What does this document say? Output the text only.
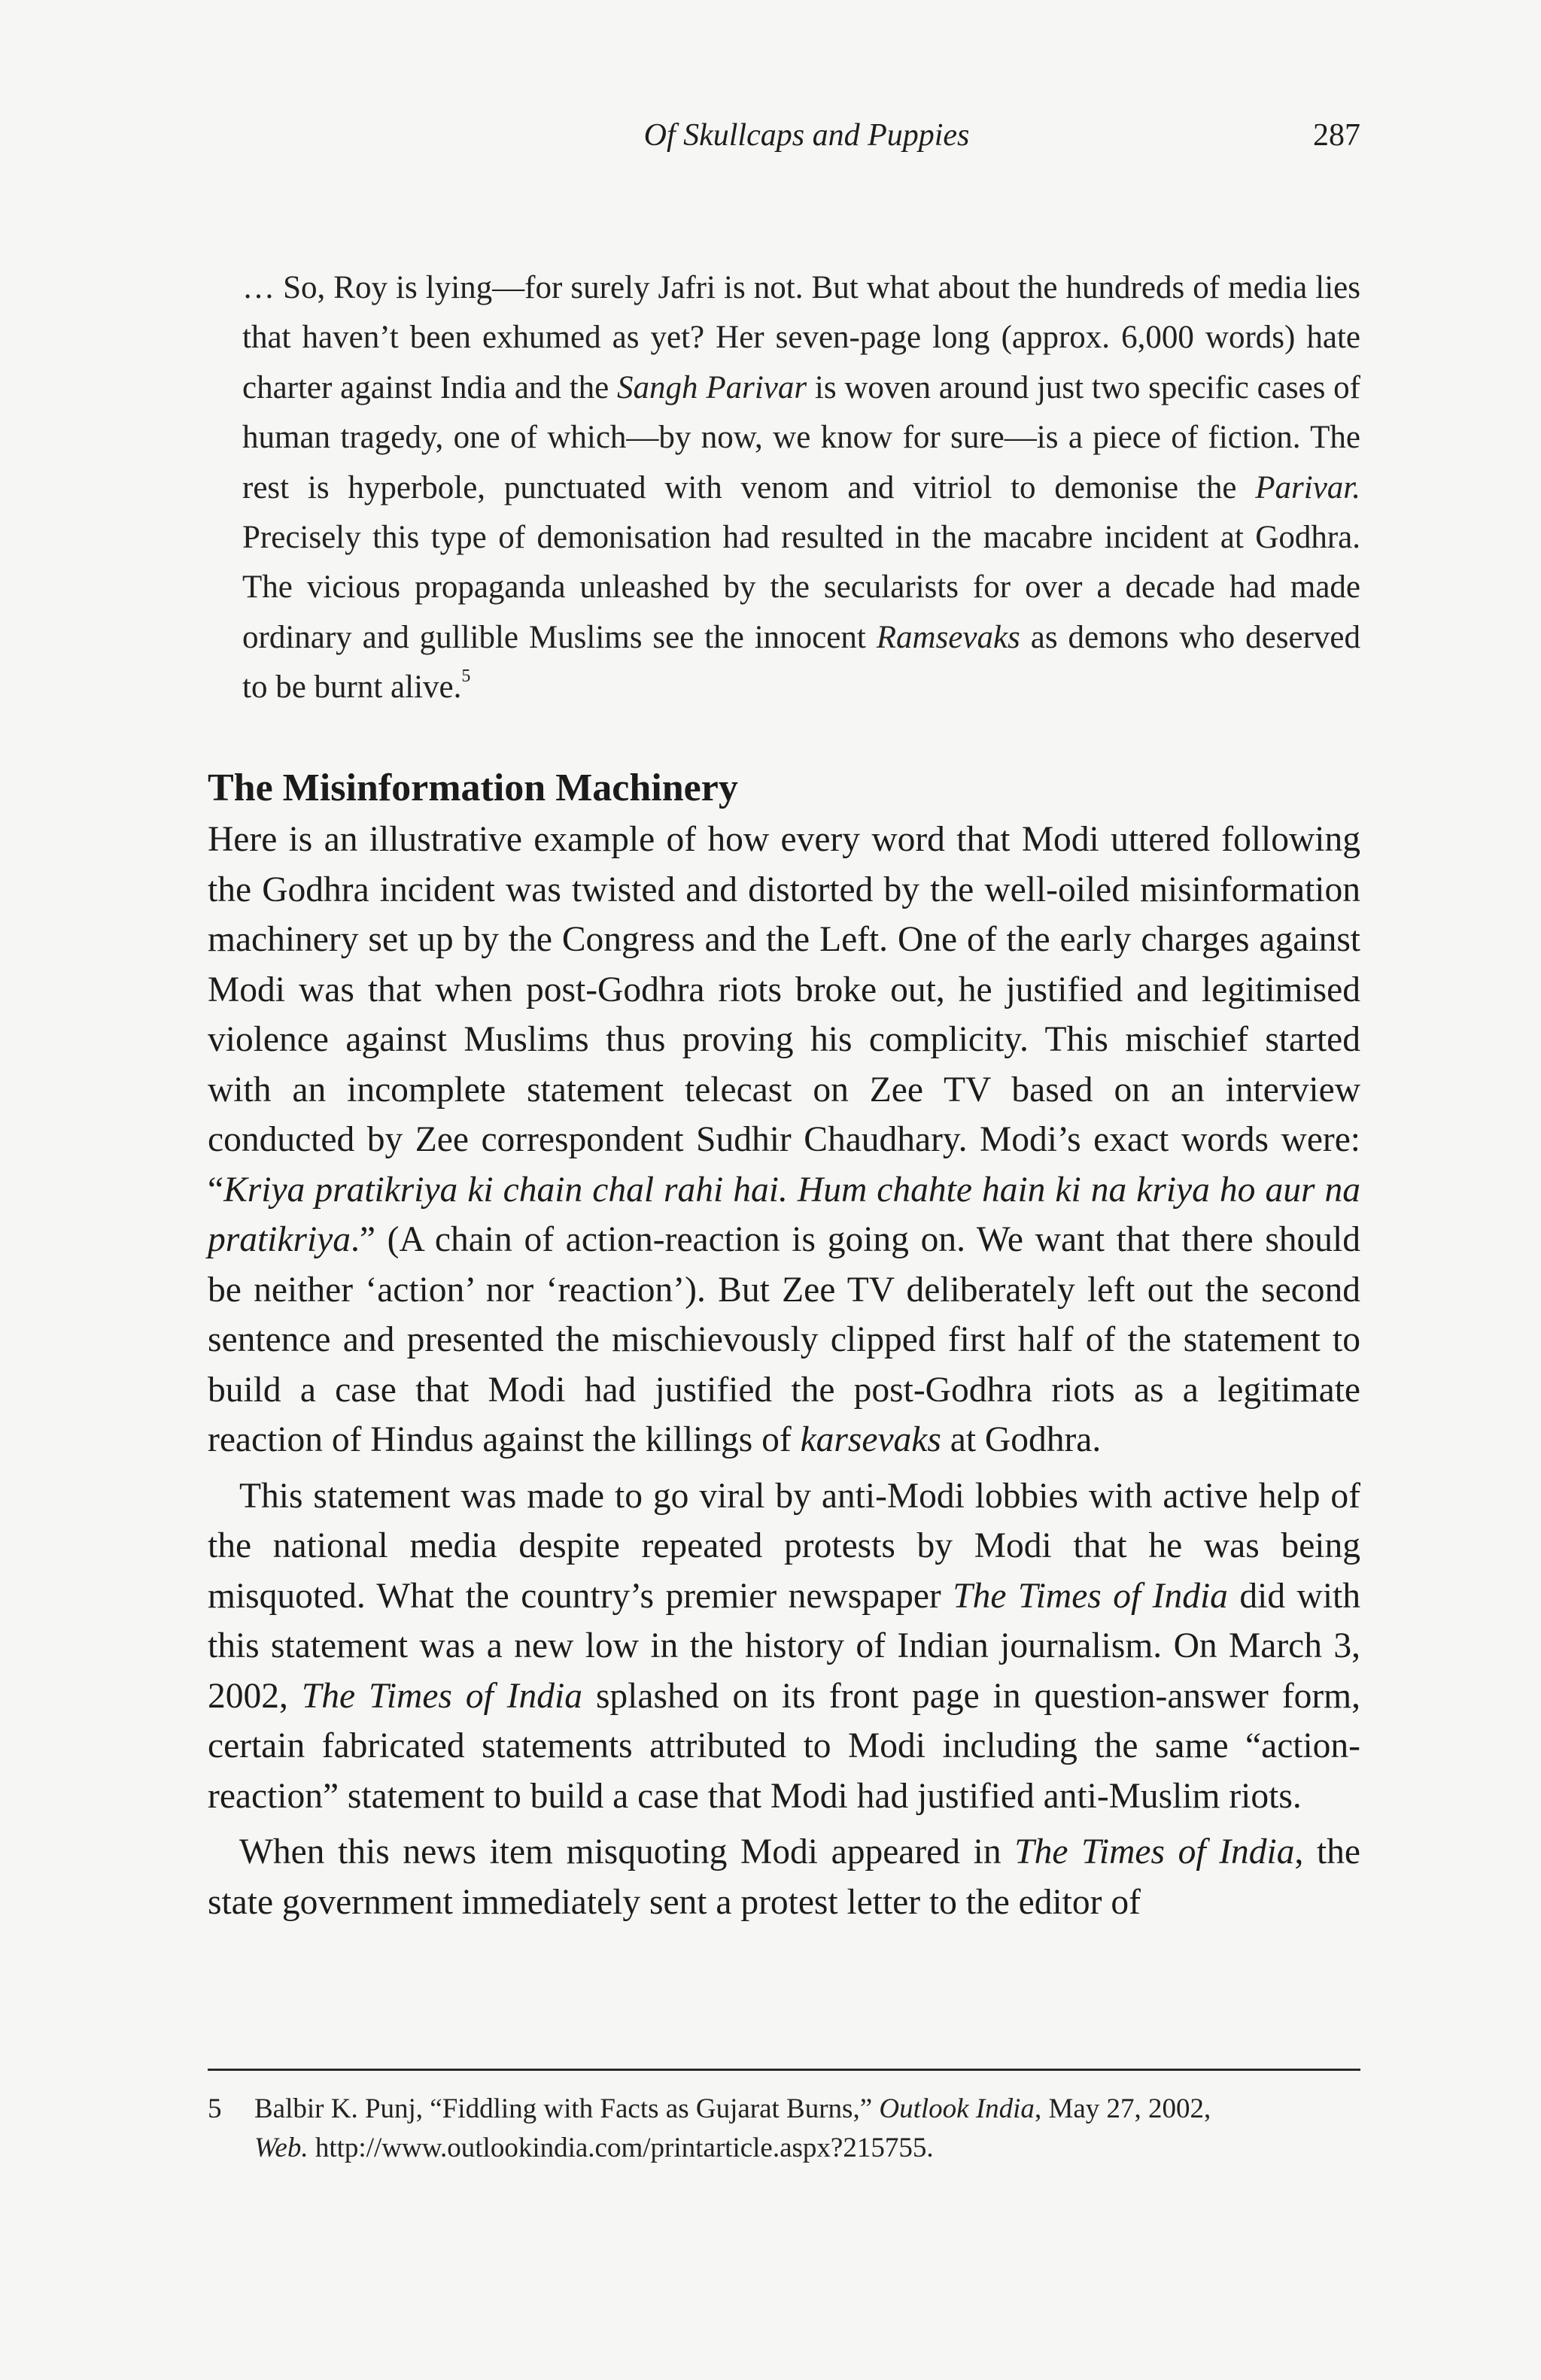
Of Skullcaps and Puppies	287

… So, Roy is lying—for surely Jafri is not. But what about the hundreds of media lies that haven’t been exhumed as yet? Her seven-page long (approx. 6,000 words) hate charter against India and the Sangh Parivar is woven around just two specific cases of human tragedy, one of which—by now, we know for sure—is a piece of fiction. The rest is hyperbole, punctuated with venom and vitriol to demonise the Parivar. Precisely this type of demonisation had resulted in the macabre incident at Godhra. The vicious propaganda unleashed by the secularists for over a decade had made ordinary and gullible Muslims see the innocent Ramsevaks as demons who deserved to be burnt alive.$^5$

The Misinformation Machinery

Here is an illustrative example of how every word that Modi uttered following the Godhra incident was twisted and distorted by the well-oiled misinformation machinery set up by the Congress and the Left. One of the early charges against Modi was that when post-Godhra riots broke out, he justified and legitimised violence against Muslims thus proving his complicity. This mischief started with an incomplete statement telecast on Zee TV based on an interview conducted by Zee correspondent Sudhir Chaudhary. Modi’s exact words were: “Kriya pratikriya ki chain chal rahi hai. Hum chahte hain ki na kriya ho aur na pratikriya.” (A chain of action-reaction is going on. We want that there should be neither ‘action’ nor ‘reaction’). But Zee TV deliberately left out the second sentence and presented the mischievously clipped first half of the statement to build a case that Modi had justified the post-Godhra riots as a legitimate reaction of Hindus against the killings of karsevaks at Godhra.

This statement was made to go viral by anti-Modi lobbies with active help of the national media despite repeated protests by Modi that he was being misquoted. What the country’s premier newspaper The Times of India did with this statement was a new low in the history of Indian journalism. On March 3, 2002, The Times of India splashed on its front page in question-answer form, certain fabricated statements attributed to Modi including the same “action-reaction” statement to build a case that Modi had justified anti-Muslim riots.

When this news item misquoting Modi appeared in The Times of India, the state government immediately sent a protest letter to the editor of

5 Balbir K. Punj, “Fiddling with Facts as Gujarat Burns,” Outlook India, May 27, 2002,
Web. http://www.outlookindia.com/printarticle.aspx?215755.
